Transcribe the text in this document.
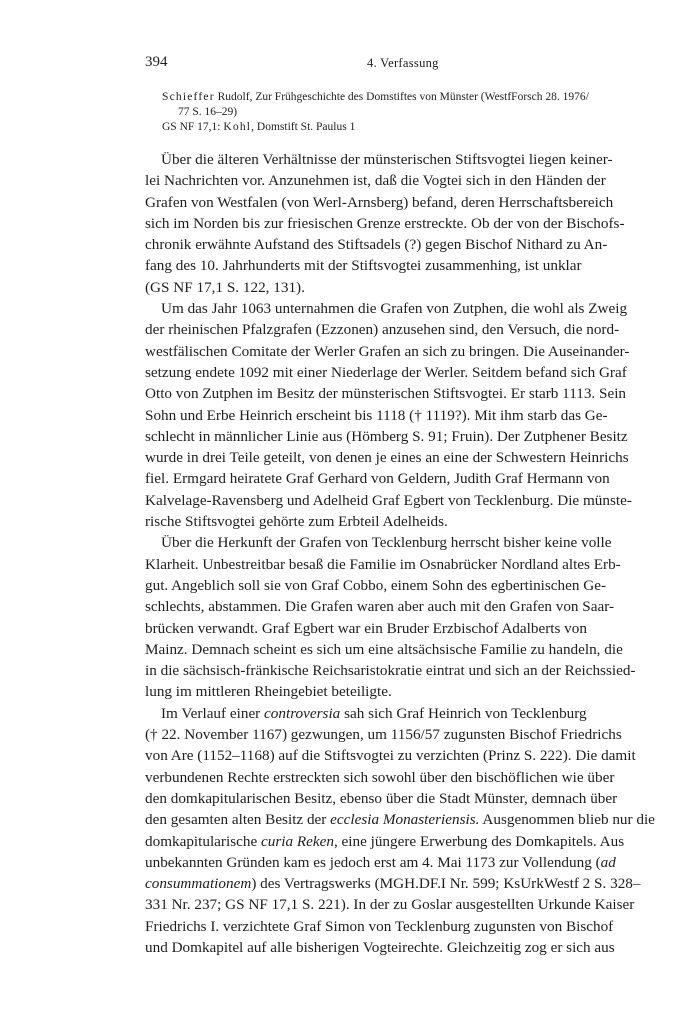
394	4. Verfassung
Schieffer Rudolf, Zur Frühgeschichte des Domstiftes von Münster (WestfForsch 28. 1976/
77 S. 16–29)
GS NF 17,1: Kohl, Domstift St. Paulus 1
Über die älteren Verhältnisse der münsterischen Stiftsvogtei liegen keiner-
lei Nachrichten vor. Anzunehmen ist, daß die Vogtei sich in den Händen der
Grafen von Westfalen (von Werl-Arnsberg) befand, deren Herrschaftsbereich
sich im Norden bis zur friesischen Grenze erstreckte. Ob der von der Bischofs-
chronik erwähnte Aufstand des Stiftsadels (?) gegen Bischof Nithard zu An-
fang des 10. Jahrhunderts mit der Stiftsvogtei zusammenhing, ist unklar
(GS NF 17,1 S. 122, 131).
Um das Jahr 1063 unternahmen die Grafen von Zutphen, die wohl als Zweig
der rheinischen Pfalzgrafen (Ezzonen) anzusehen sind, den Versuch, die nord-
westfälischen Comitate der Werler Grafen an sich zu bringen. Die Auseinander-
setzung endete 1092 mit einer Niederlage der Werler. Seitdem befand sich Graf
Otto von Zutphen im Besitz der münsterischen Stiftsvogtei. Er starb 1113. Sein
Sohn und Erbe Heinrich erscheint bis 1118 († 1119?). Mit ihm starb das Ge-
schlecht in männlicher Linie aus (Hömberg S. 91; Fruin). Der Zutphener Besitz
wurde in drei Teile geteilt, von denen je eines an eine der Schwestern Heinrichs
fiel. Ermgard heiratete Graf Gerhard von Geldern, Judith Graf Hermann von
Kalvelage-Ravensberg und Adelheid Graf Egbert von Tecklenburg. Die münste-
rische Stiftsvogtei gehörte zum Erbteil Adelheids.
Über die Herkunft der Grafen von Tecklenburg herrscht bisher keine volle
Klarheit. Unbestreitbar besaß die Familie im Osnabrücker Nordland altes Erb-
gut. Angeblich soll sie von Graf Cobbo, einem Sohn des egbertinischen Ge-
schlechts, abstammen. Die Grafen waren aber auch mit den Grafen von Saar-
brücken verwandt. Graf Egbert war ein Bruder Erzbischof Adalberts von
Mainz. Demnach scheint es sich um eine altsächsische Familie zu handeln, die
in die sächsisch-fränkische Reichsaristokratie eintrat und sich an der Reichssied-
lung im mittleren Rheingebiet beteiligte.
Im Verlauf einer controversia sah sich Graf Heinrich von Tecklenburg
(† 22. November 1167) gezwungen, um 1156/57 zugunsten Bischof Friedrichs
von Are (1152–1168) auf die Stiftsvogtei zu verzichten (Prinz S. 222). Die damit
verbundenen Rechte erstreckten sich sowohl über den bischöflichen wie über
den domkapitularischen Besitz, ebenso über die Stadt Münster, demnach über
den gesamten alten Besitz der ecclesia Monasteriensis. Ausgenommen blieb nur die
domkapitularische curia Reken, eine jüngere Erwerbung des Domkapitels. Aus
unbekannten Gründen kam es jedoch erst am 4. Mai 1173 zur Vollendung (ad
consummationem) des Vertragswerks (MGH.DF.I Nr. 599; KsUrkWestf 2 S. 328–
331 Nr. 237; GS NF 17,1 S. 221). In der zu Goslar ausgestellten Urkunde Kaiser
Friedrichs I. verzichtete Graf Simon von Tecklenburg zugunsten von Bischof
und Domkapitel auf alle bisherigen Vogteirechte. Gleichzeitig zog er sich aus
